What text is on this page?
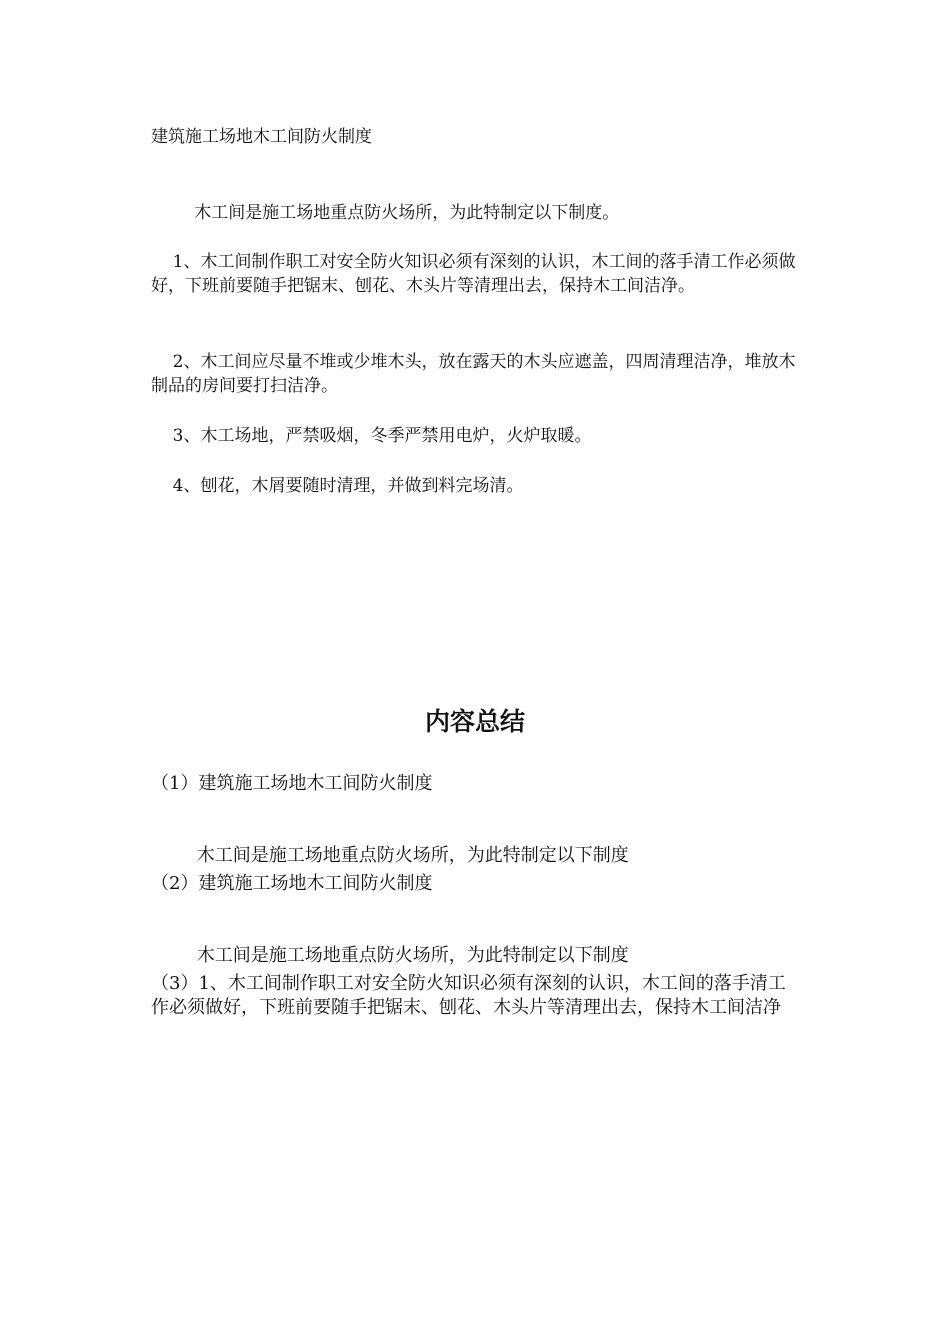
建筑施工场地木工间防火制度

木工间是施工场地重点防火场所，为此特制定以下制度。

1、木工间制作职工对安全防火知识必须有深刻的认识，木工间的落手清工作必须做好，下班前要随手把锯末、刨花、木头片等清理出去，保持木工间洁净。

2、木工间应尽量不堆或少堆木头，放在露天的木头应遮盖，四周清理洁净，堆放木制品的房间要打扫洁净。

3、木工场地，严禁吸烟，冬季严禁用电炉，火炉取暖。

4、刨花，木屑要随时清理，并做到料完场清。

内容总结

（1）建筑施工场地木工间防火制度

木工间是施工场地重点防火场所，为此特制定以下制度

（2）建筑施工场地木工间防火制度

木工间是施工场地重点防火场所，为此特制定以下制度

（3）1、木工间制作职工对安全防火知识必须有深刻的认识，木工间的落手清工作必须做好，下班前要随手把锯末、刨花、木头片等清理出去，保持木工间洁净
